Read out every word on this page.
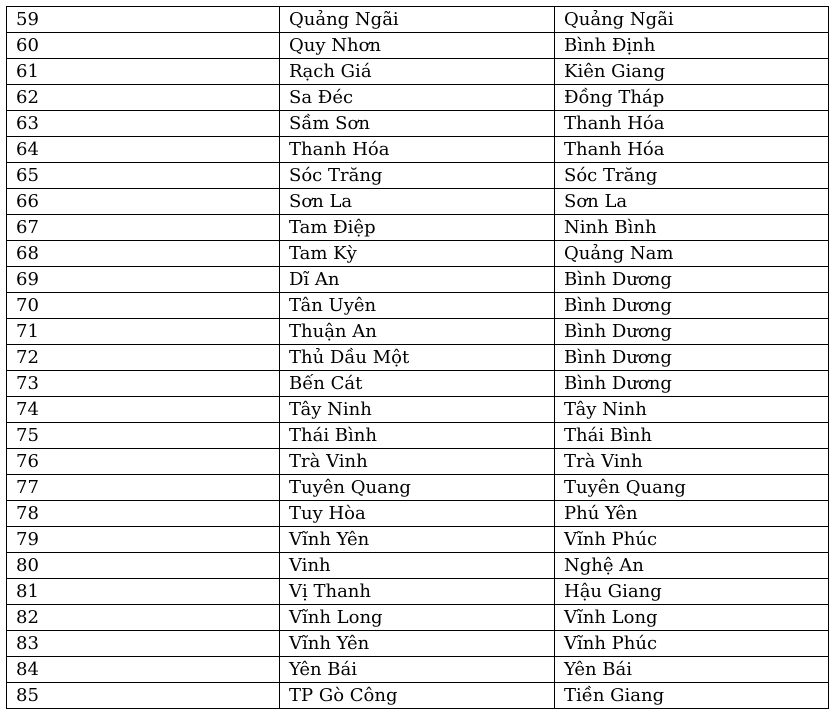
59	Quảng Ngãi	Quảng Ngãi
60	Quy Nhơn	Bình Định
61	Rạch Giá	Kiên Giang
62	Sa Đéc	Đồng Tháp
63	Sầm Sơn	Thanh Hóa
64	Thanh Hóa	Thanh Hóa
65	Sóc Trăng	Sóc Trăng
66	Sơn La	Sơn La
67	Tam Điệp	Ninh Bình
68	Tam Kỳ	Quảng Nam
69	Dĩ An	Bình Dương
70	Tân Uyên	Bình Dương
71	Thuận An	Bình Dương
72	Thủ Dầu Một	Bình Dương
73	Bến Cát	Bình Dương
74	Tây Ninh	Tây Ninh
75	Thái Bình	Thái Bình
76	Trà Vinh	Trà Vinh
77	Tuyên Quang	Tuyên Quang
78	Tuy Hòa	Phú Yên
79	Vĩnh Yên	Vĩnh Phúc
80	Vinh	Nghệ An
81	Vị Thanh	Hậu Giang
82	Vĩnh Long	Vĩnh Long
83	Vĩnh Yên	Vĩnh Phúc
84	Yên Bái	Yên Bái
85	TP Gò Công	Tiền Giang
